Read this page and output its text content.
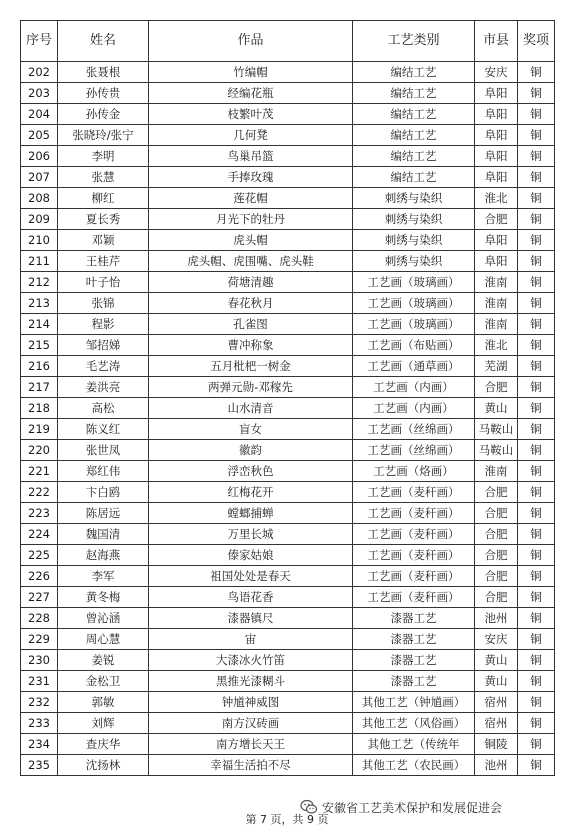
序号	姓名	作品	工艺类别	市县	奖项
202	张聂根	竹编帽	编结工艺	安庆	铜
203	孙传贵	经编花瓶	编结工艺	阜阳	铜
204	孙传金	枝繁叶茂	编结工艺	阜阳	铜
205	张晓玲/张宁	几何凳	编结工艺	阜阳	铜
206	李明	鸟巢吊篮	编结工艺	阜阳	铜
207	张慧	手捧玫瑰	编结工艺	阜阳	铜
208	柳红	莲花帽	刺绣与染织	淮北	铜
209	夏长秀	月光下的牡丹	刺绣与染织	合肥	铜
210	邓颖	虎头帽	刺绣与染织	阜阳	铜
211	王桂芹	虎头帽、虎围嘴、虎头鞋	刺绣与染织	阜阳	铜
212	叶子怡	荷塘清趣	工艺画（玻璃画）	淮南	铜
213	张锦	春花秋月	工艺画（玻璃画）	淮南	铜
214	程影	孔雀图	工艺画（玻璃画）	淮南	铜
215	邹招娣	曹冲称象	工艺画（布贴画）	淮北	铜
216	毛艺涛	五月枇杷一树金	工艺画（通草画）	芜湖	铜
217	姜洪亮	两弹元勋-邓稼先	工艺画（内画）	合肥	铜
218	高松	山水清音	工艺画（内画）	黄山	铜
219	陈义红	盲女	工艺画（丝绵画）	马鞍山	铜
220	张世凤	徽韵	工艺画（丝绵画）	马鞍山	铜
221	郑红伟	浮峦秋色	工艺画（烙画）	淮南	铜
222	卞白鸥	红梅花开	工艺画（麦秆画）	合肥	铜
223	陈居远	螳螂捕蝉	工艺画（麦秆画）	合肥	铜
224	魏国清	万里长城	工艺画（麦秆画）	合肥	铜
225	赵海燕	傣家姑娘	工艺画（麦秆画）	合肥	铜
226	李军	祖国处处是春天	工艺画（麦秆画）	合肥	铜
227	黄冬梅	鸟语花香	工艺画（麦秆画）	合肥	铜
228	曾沁涵	漆器镇尺	漆器工艺	池州	铜
229	周心慧	宙	漆器工艺	安庆	铜
230	姜锐	大漆冰火竹笛	漆器工艺	黄山	铜
231	金松卫	黑推光漆糊斗	漆器工艺	黄山	铜
232	郭敏	钟馗神威图	其他工艺（钟馗画）	宿州	铜
233	刘辉	南方汉砖画	其他工艺（风俗画）	宿州	铜
234	查庆华	南方增长天王	其他工艺（传统年	铜陵	铜
235	沈扬林	幸福生活拍不尽	其他工艺（农民画）	池州	铜
安徽省工艺美术保护和发展促进会
第 7 页，共 9 页
